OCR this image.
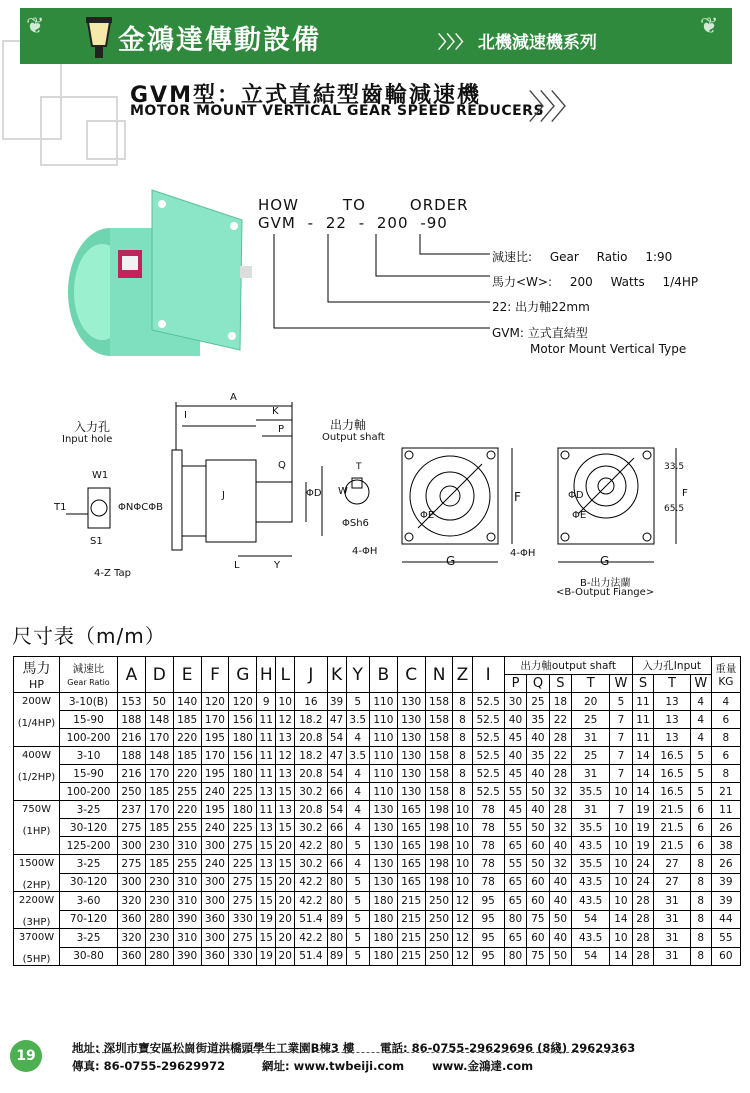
❦	金鴻達傳動設備	〉〉〉 北機減速機系列
❦
GVM型：立式直結型齒輪減速機
MOTOR MOUNT VERTICAL GEAR SPEED REDUCERS
〉〉〉
HOW	TO	ORDER
GVM - 22 - 200 -90
減速比: Gear Ratio 1:90
馬力<W>: 200 Watts 1/4HP
22: 出力軸22mm
GVM: 立式直結型
Motor Mount Vertical Type
入力孔
Input hole
W1
T1
S1
ΦNΦCΦB
4-Z Tap
A
I	K
P
Q
J	ΦD W
T
ΦSh6
L	Y
出力軸
Output shaft
4-ΦH
ΦE
F
G
4-ΦH
ΦD
ΦE
F
G
33.5
65.5
B-出力法蘭
<B-Output Fiange>
尺寸表（m/m）
馬力
HP	減速比
Gear Ratio	A	D	E	F	G	H	L	J	K	Y	B	C	N	Z	I	出力軸output shaft					入力孔Input			重量
KG
																	P	Q	S	T	W	S	T	W	
200W

(1/4HP)	3-10(B)	153	50	140	120	120	9	10	16	39	5	110	130	158	8	52.5	30	25	18	20	5	11	13	4	4
	15-90	188	148	185	170	156	11	12	18.2	47	3.5	110	130	158	8	52.5	40	35	22	25	7	11	13	4	6
	100-200	216	170	220	195	180	11	13	20.8	54	4	110	130	158	8	52.5	45	40	28	31	7	11	13	4	8
400W

(1/2HP)	3-10	188	148	185	170	156	11	12	18.2	47	3.5	110	130	158	8	52.5	40	35	22	25	7	14	16.5	5	6
	15-90	216	170	220	195	180	11	13	20.8	54	4	110	130	158	8	52.5	45	40	28	31	7	14	16.5	5	8
	100-200	250	185	255	240	225	13	15	30.2	66	4	110	130	158	8	52.5	55	50	32	35.5	10	14	16.5	5	21
750W

(1HP)	3-25	237	170	220	195	180	11	13	20.8	54	4	130	165	198	10	78	45	40	28	31	7	19	21.5	6	11
	30-120	275	185	255	240	225	13	15	30.2	66	4	130	165	198	10	78	55	50	32	35.5	10	19	21.5	6	26
	125-200	300	230	310	300	275	15	20	42.2	80	5	130	165	198	10	78	65	60	40	43.5	10	19	21.5	6	38
1500W

(2HP)	3-25	275	185	255	240	225	13	15	30.2	66	4	130	165	198	10	78	55	50	32	35.5	10	24	27	8	26
	30-120	300	230	310	300	275	15	20	42.2	80	5	130	165	198	10	78	65	60	40	43.5	10	24	27	8	39
2200W

(3HP)	3-60	320	230	310	300	275	15	20	42.2	80	5	180	215	250	12	95	65	60	40	43.5	10	28	31	8	39
	70-120	360	280	390	360	330	19	20	51.4	89	5	180	215	250	12	95	80	75	50	54	14	28	31	8	44
3700W

(5HP)	3-25	320	230	310	300	275	15	20	42.2	80	5	180	215	250	12	95	65	60	40	43.5	10	28	31	8	55
	30-80	360	280	390	360	330	19	20	51.4	89	5	180	215	250	12	95	80	75	50	54	14	28	31	8	60
19	地址: 深圳市寶安區松崗街道洪橋頭學生工業園B棟3 樓 電話: 86-0755-29629696 (8綫) 29629363
傳真: 86-0755-29629972	網址: www.twbeiji.com www.金鴻達.com
